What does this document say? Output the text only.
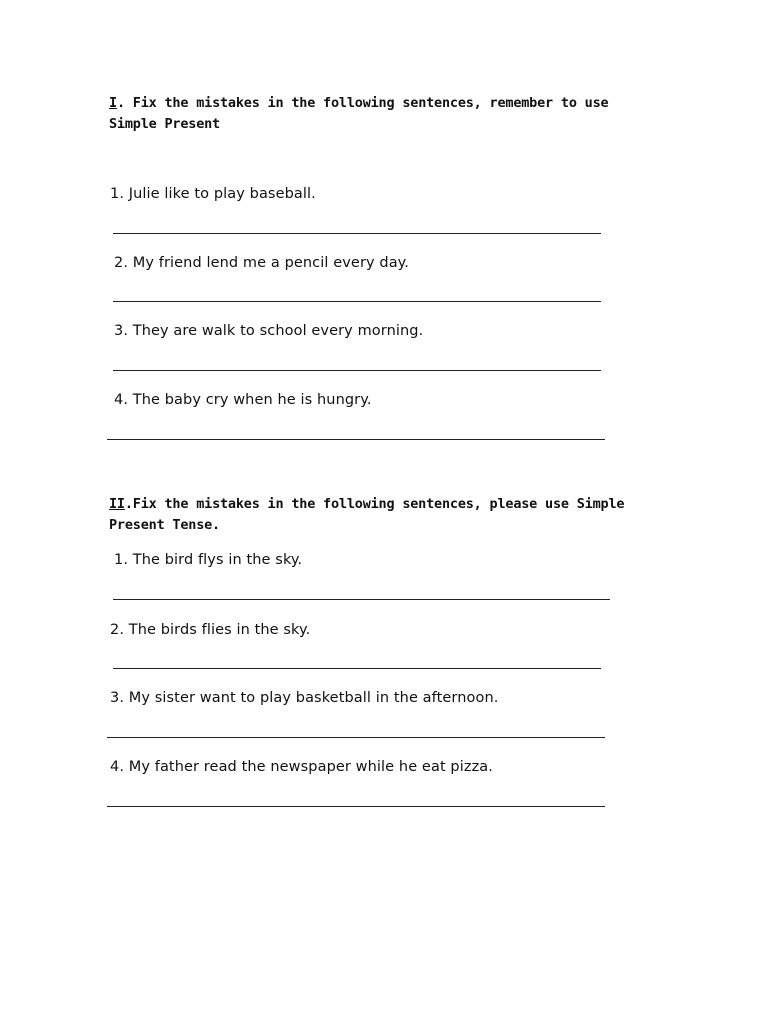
I. Fix the mistakes in the following sentences, remember to use Simple Present
1. Julie like to play baseball.
2. My friend lend me a pencil every day.
3. They are walk to school every morning.
4. The baby cry when he is hungry.
II.Fix the mistakes in the following sentences, please use Simple Present Tense.
1. The bird flys in the sky.
2. The birds flies in the sky.
3. My sister want to play basketball in the afternoon.
4. My father read the newspaper while he eat pizza.
